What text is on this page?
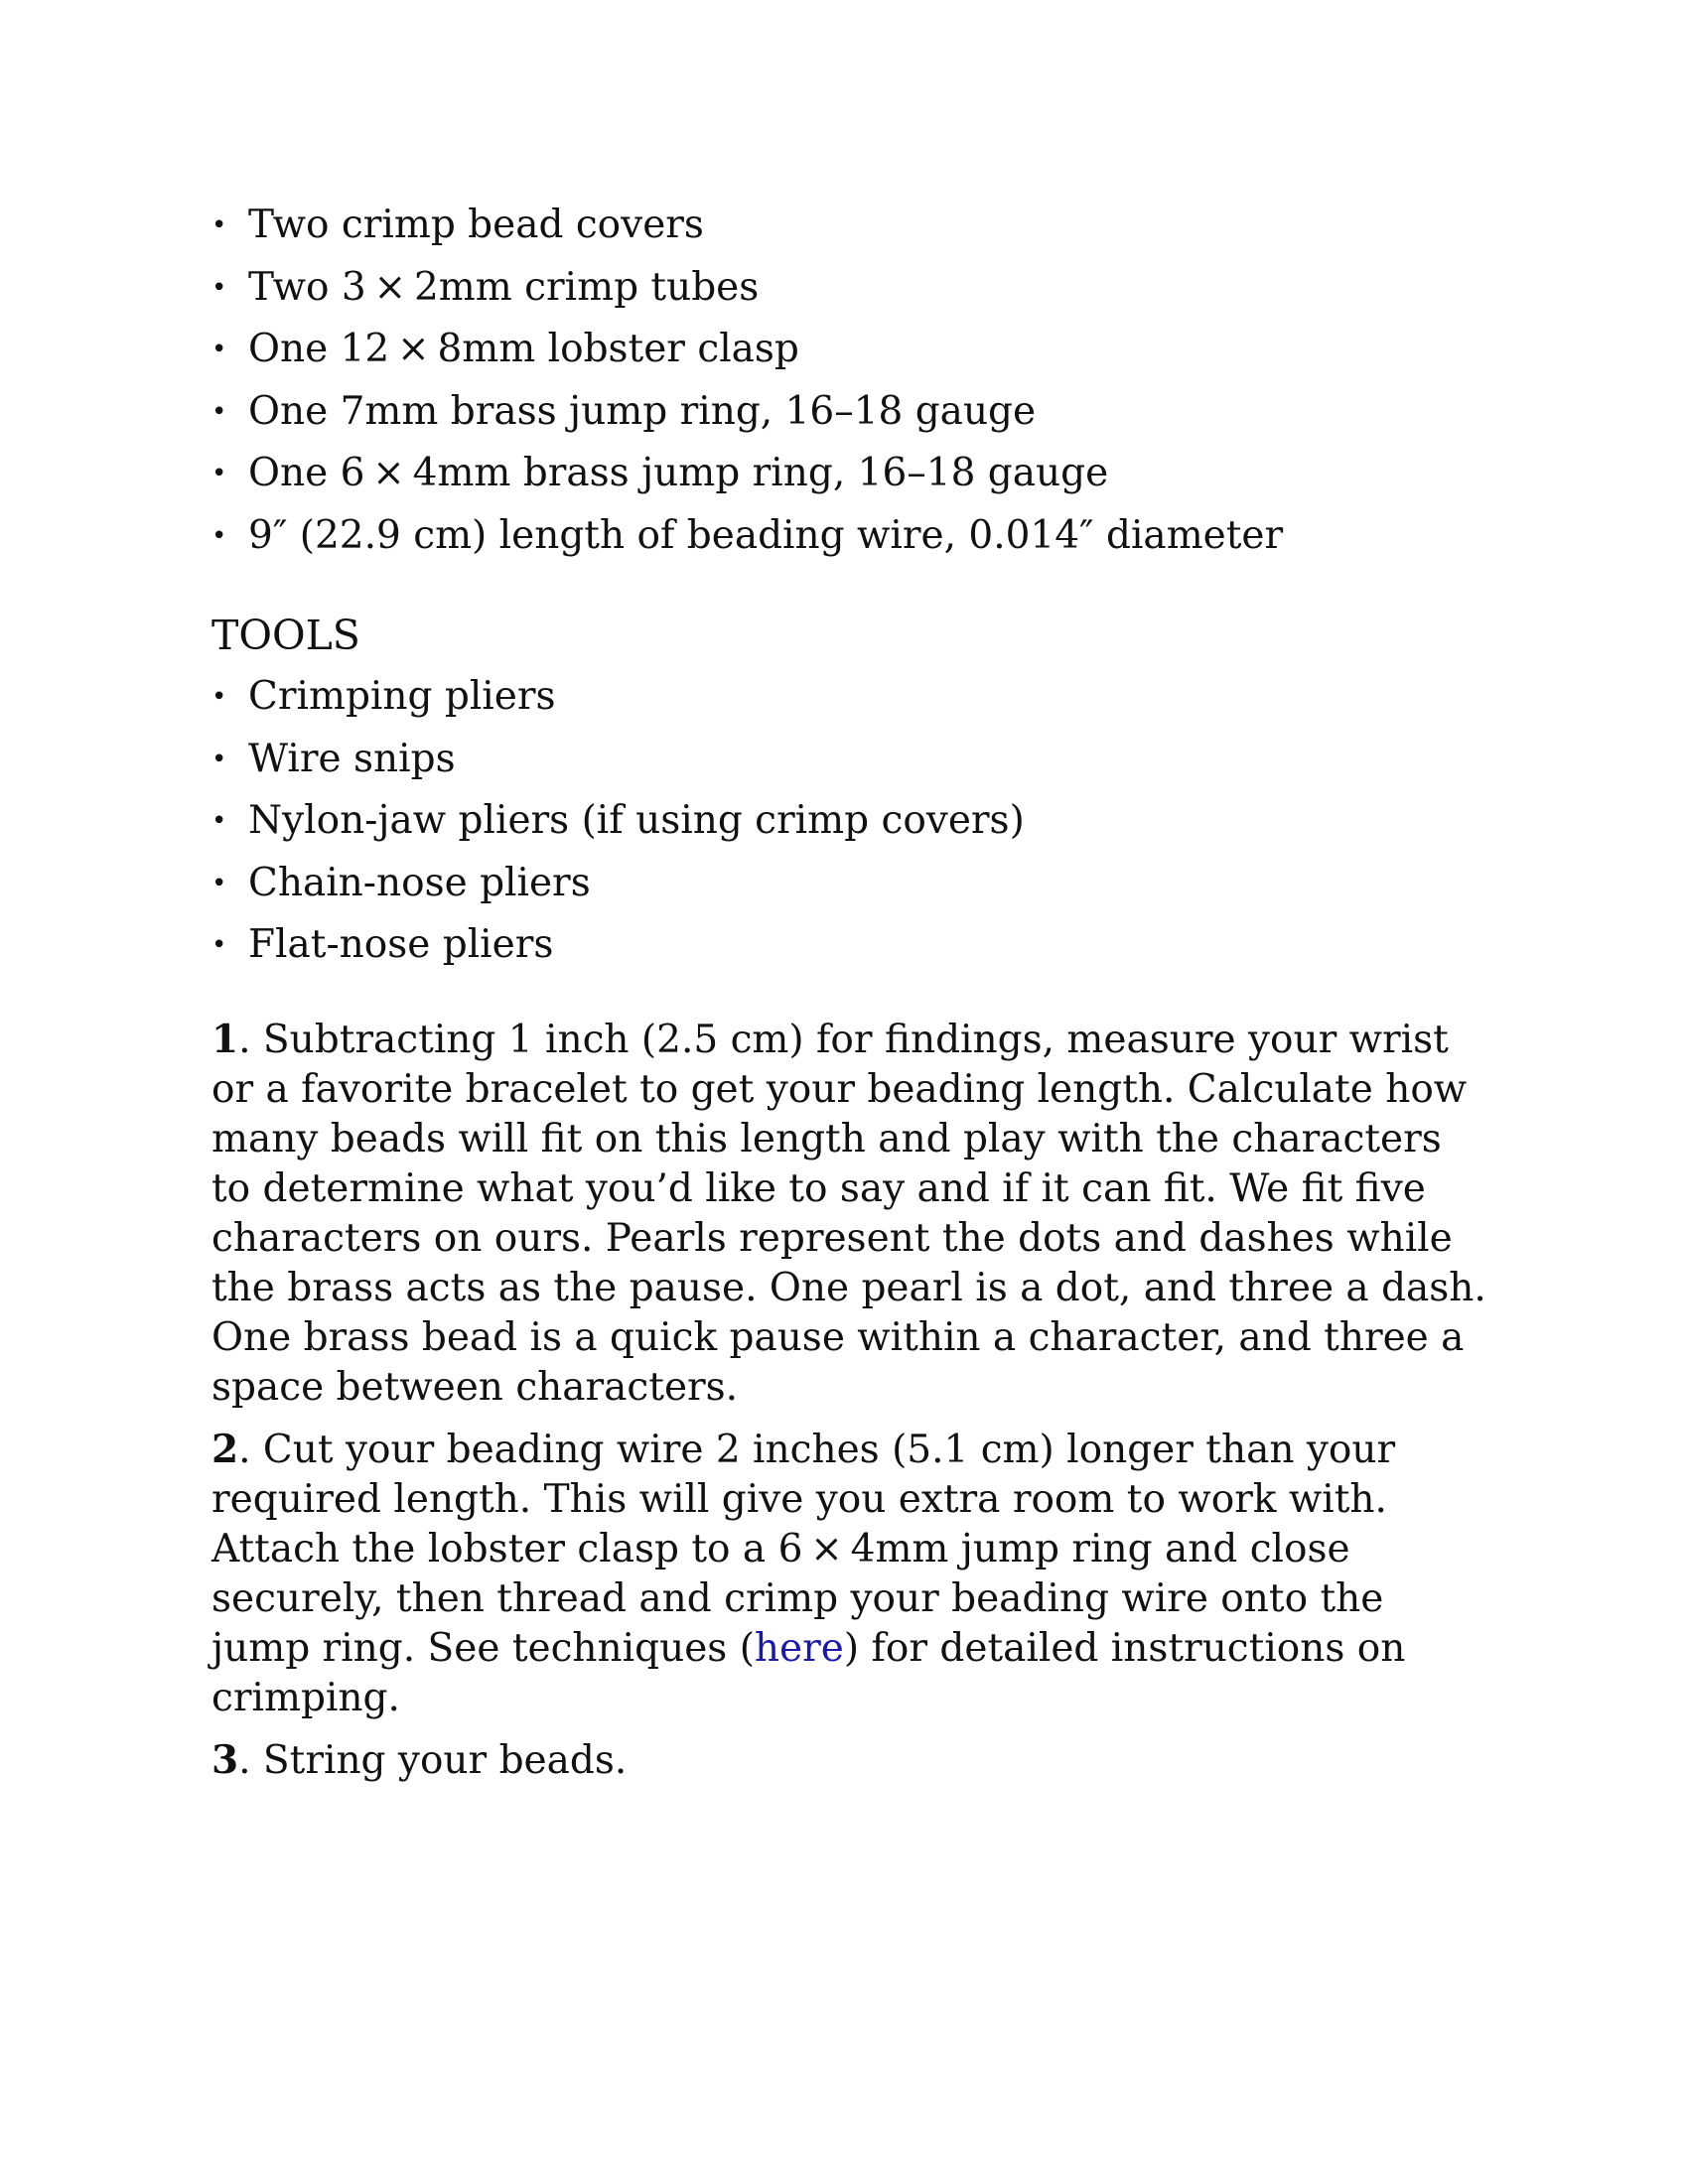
• Two crimp bead covers
• Two 3 × 2mm crimp tubes
• One 12 × 8mm lobster clasp
• One 7mm brass jump ring, 16–18 gauge
• One 6 × 4mm brass jump ring, 16–18 gauge
• 9″ (22.9 cm) length of beading wire, 0.014″ diameter
TOOLS
• Crimping pliers
• Wire snips
• Nylon-jaw pliers (if using crimp covers)
• Chain-nose pliers
• Flat-nose pliers

1. Subtracting 1 inch (2.5 cm) for findings, measure your wrist or a favorite bracelet to get your beading length. Calculate how many beads will fit on this length and play with the characters to determine what you’d like to say and if it can fit. We fit five characters on ours. Pearls represent the dots and dashes while the brass acts as the pause. One pearl is a dot, and three a dash. One brass bead is a quick pause within a character, and three a space between characters.

2. Cut your beading wire 2 inches (5.1 cm) longer than your required length. This will give you extra room to work with. Attach the lobster clasp to a 6 × 4mm jump ring and close securely, then thread and crimp your beading wire onto the jump ring. See techniques (here) for detailed instructions on crimping.

3. String your beads.
